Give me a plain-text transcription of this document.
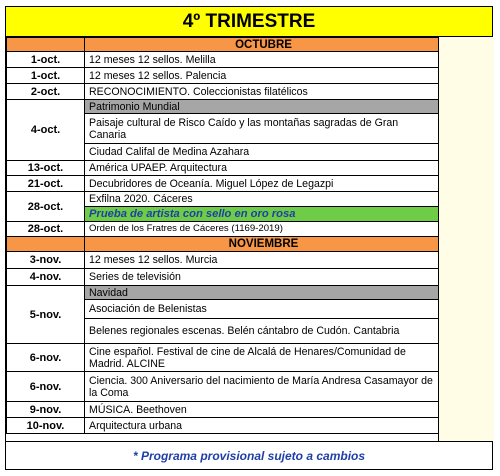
4º TRIMESTRE
	OCTUBRE
1-oct.	12 meses 12 sellos. Melilla
1-oct.	12 meses 12 sellos. Palencia
2-oct.	RECONOCIMIENTO. Coleccionistas filatélicos
4-oct.	Patrimonio Mundial
	Paisaje cultural de Risco Caído y las montañas sagradas de Gran Canaria
	Ciudad Califal de Medina Azahara
13-oct.	América UPAEP. Arquitectura
21-oct.	Decubridores de Oceanía. Miguel López de Legazpi
28-oct.	Exfilna 2020. Cáceres
	Prueba de artista con sello en oro rosa
28-oct.	Orden de los Fratres de Cáceres (1169-2019)
	NOVIEMBRE
3-nov.	12 meses 12 sellos. Murcia
4-nov.	Series de televisión
5-nov.	Navidad
	Asociación de Belenistas
	Belenes regionales escenas. Belén cántabro de Cudón. Cantabria
6-nov.	Cine español. Festival de cine de Alcalá de Henares/Comunidad de Madrid. ALCINE
6-nov.	Ciencia. 300 Aniversario del nacimiento de María Andresa Casamayor de la Coma
9-nov.	MÚSICA. Beethoven
10-nov.	Arquitectura urbana
* Programa provisional sujeto a cambios
